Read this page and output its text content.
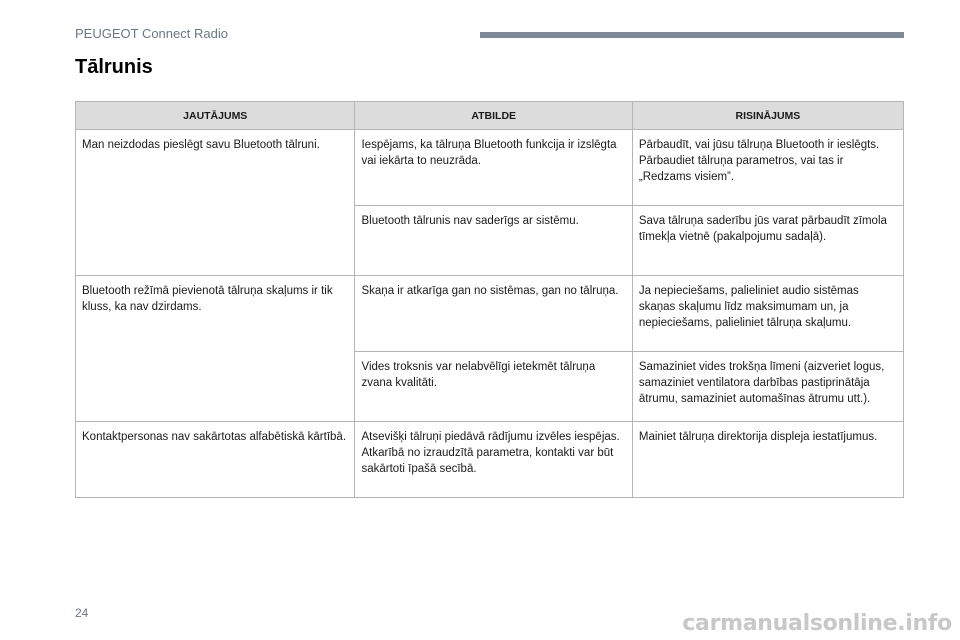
PEUGEOT Connect Radio
Tālrunis
JAUTĀJUMS	ATBILDE	RISINĀJUMS
Man neizdodas pieslēgt savu Bluetooth tālruni.	Iespējams, ka tālruņa Bluetooth funkcija ir izslēgta vai iekārta to neuzrāda.	Pārbaudīt, vai jūsu tālruņa Bluetooth ir ieslēgts.
Pārbaudiet tālruņa parametros, vai tas ir „Redzams visiem”.
	Bluetooth tālrunis nav saderīgs ar sistēmu.	Sava tālruņa saderību jūs varat pārbaudīt zīmola tīmekļa vietnē (pakalpojumu sadaļā).
Bluetooth režīmā pievienotā tālruņa skaļums ir tik kluss, ka nav dzirdams.	Skaņa ir atkarīga gan no sistēmas, gan no tālruņa.	Ja nepieciešams, palieliniet audio sistēmas skaņas skaļumu līdz maksimumam un, ja nepieciešams, palieliniet tālruņa skaļumu.
	Vides troksnis var nelabvēlīgi ietekmēt tālruņa zvana kvalitāti.	Samaziniet vides trokšņa līmeni (aizveriet logus, samaziniet ventilatora darbības pastiprinātāja ātrumu, samaziniet automašīnas ātrumu utt.).
Kontaktpersonas nav sakārtotas alfabētiskā kārtībā.	Atsevišķi tālruņi piedāvā rādījumu izvēles iespējas. Atkarībā no izraudzītā parametra, kontakti var būt sakārtoti īpašā secībā.	Mainiet tālruņa direktorija displeja iestatījumus.
24	carmanualsonline.info
